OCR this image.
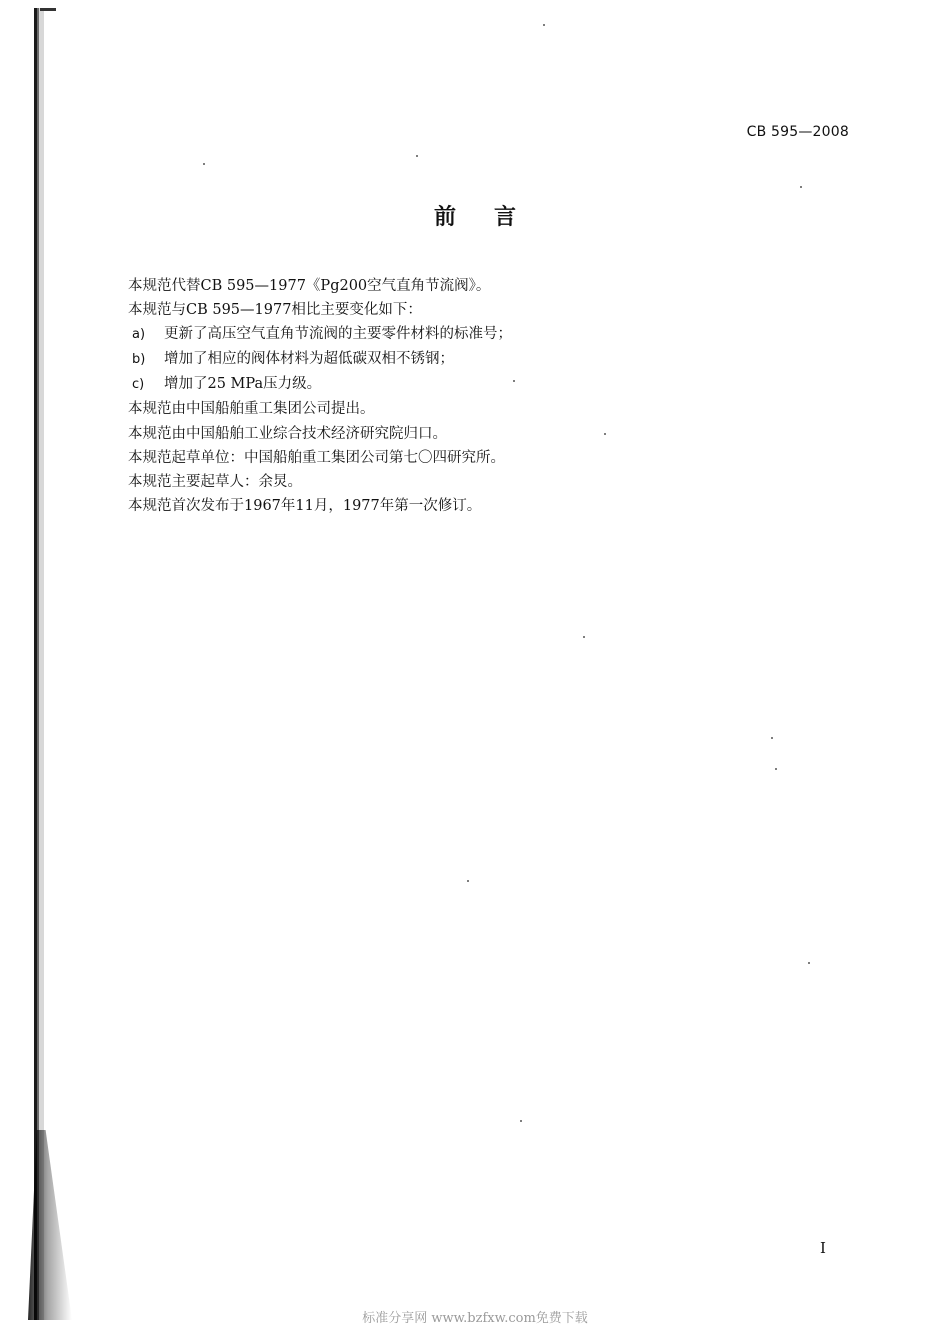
CB 595—2008
前言
本规范代替CB 595—1977《Pg200空气直角节流阀》。
本规范与CB 595—1977相比主要变化如下：
a) 更新了高压空气直角节流阀的主要零件材料的标准号；
b) 增加了相应的阀体材料为超低碳双相不锈钢；
c) 增加了25 MPa压力级。
本规范由中国船舶重工集团公司提出。
本规范由中国船舶工业综合技术经济研究院归口。
本规范起草单位：中国船舶重工集团公司第七〇四研究所。
本规范主要起草人：余炅。
本规范首次发布于1967年11月，1977年第一次修订。
I
标准分享网 www.bzfxw.com免费下载
